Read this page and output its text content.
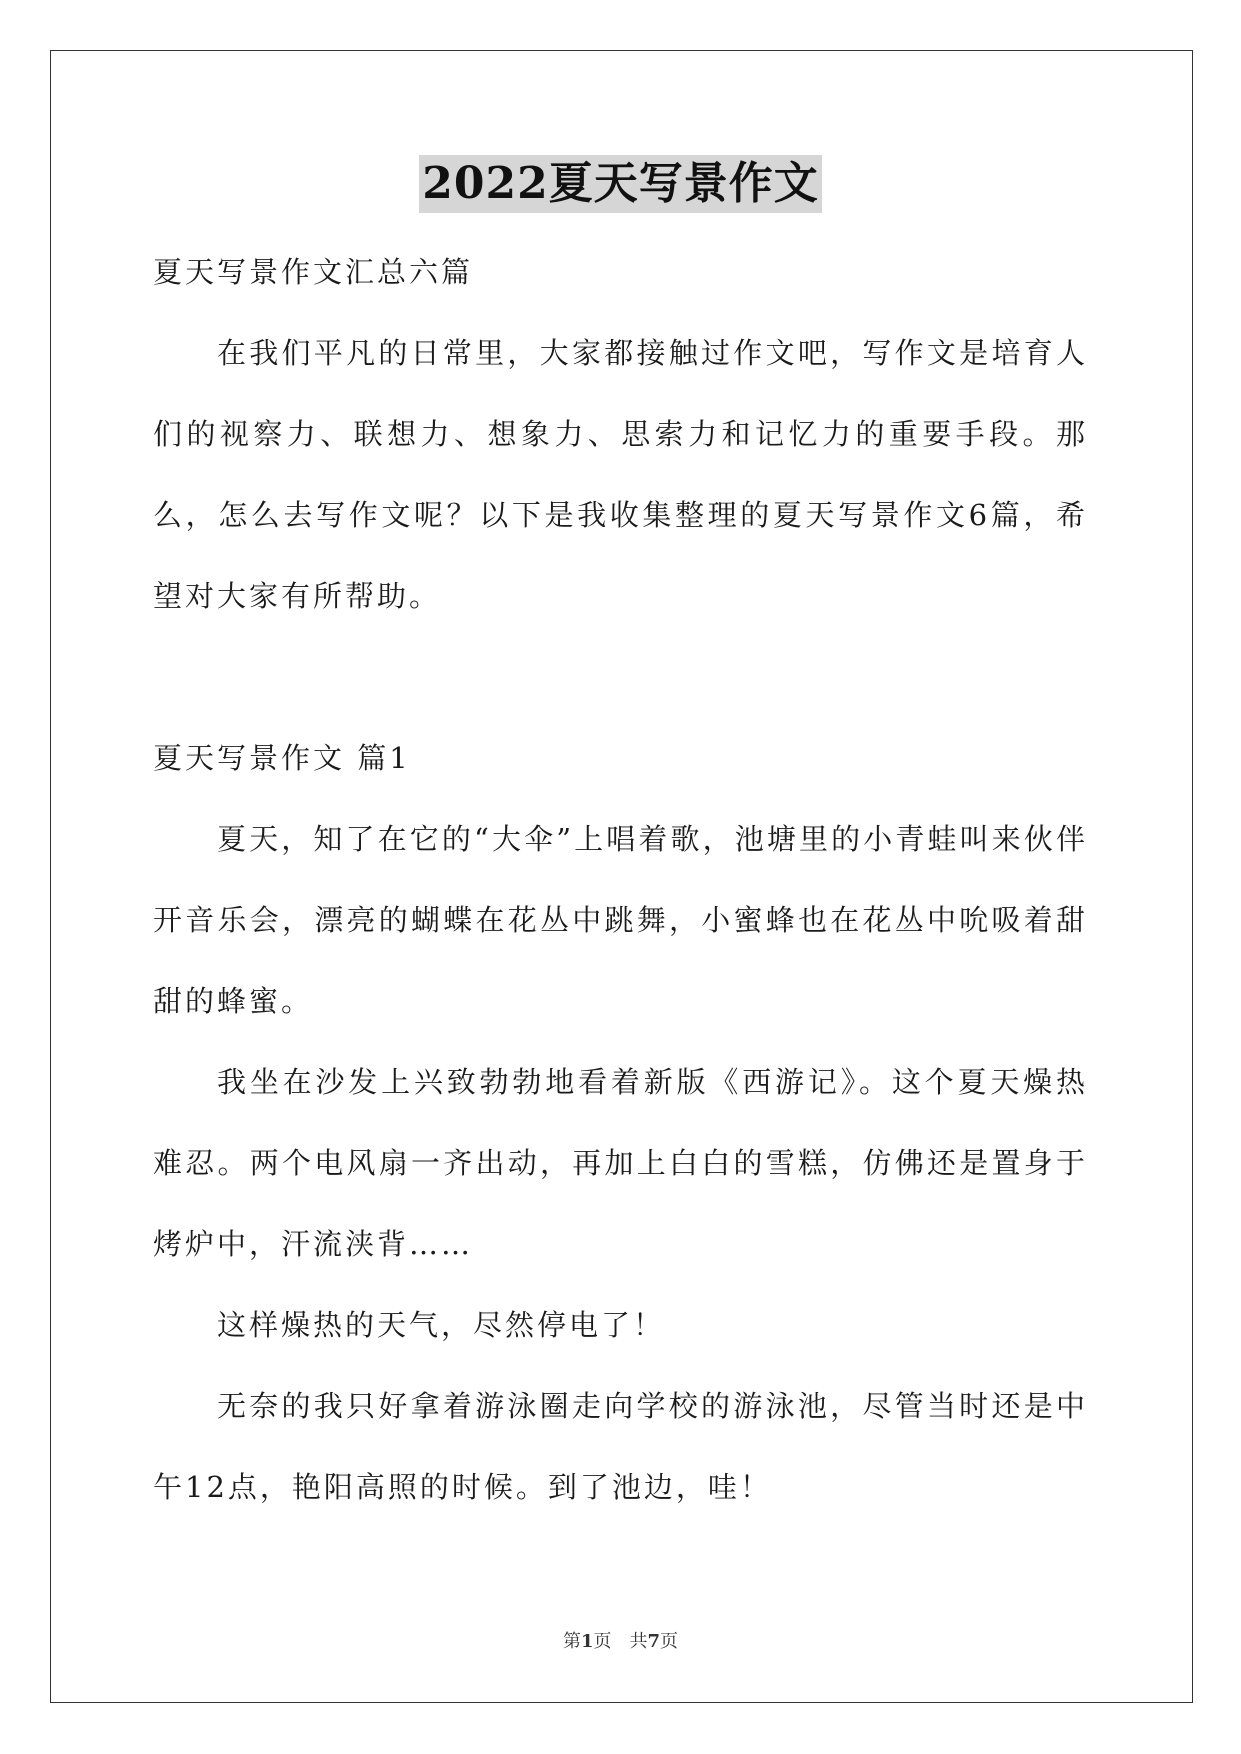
2022夏天写景作文

夏天写景作文汇总六篇

在我们平凡的日常里，大家都接触过作文吧，写作文是培育人们的视察力、联想力、想象力、思索力和记忆力的重要手段。那么，怎么去写作文呢？以下是我收集整理的夏天写景作文6篇，希望对大家有所帮助。

夏天写景作文 篇1

夏天，知了在它的“大伞”上唱着歌，池塘里的小青蛙叫来伙伴开音乐会，漂亮的蝴蝶在花丛中跳舞，小蜜蜂也在花丛中吮吸着甜甜的蜂蜜。

我坐在沙发上兴致勃勃地看着新版《西游记》。这个夏天燥热难忍。两个电风扇一齐出动，再加上白白的雪糕，仿佛还是置身于烤炉中，汗流浃背……

这样燥热的天气，尽然停电了！

无奈的我只好拿着游泳圈走向学校的游泳池，尽管当时还是中午12点，艳阳高照的时候。到了池边，哇！

第1页 共7页
